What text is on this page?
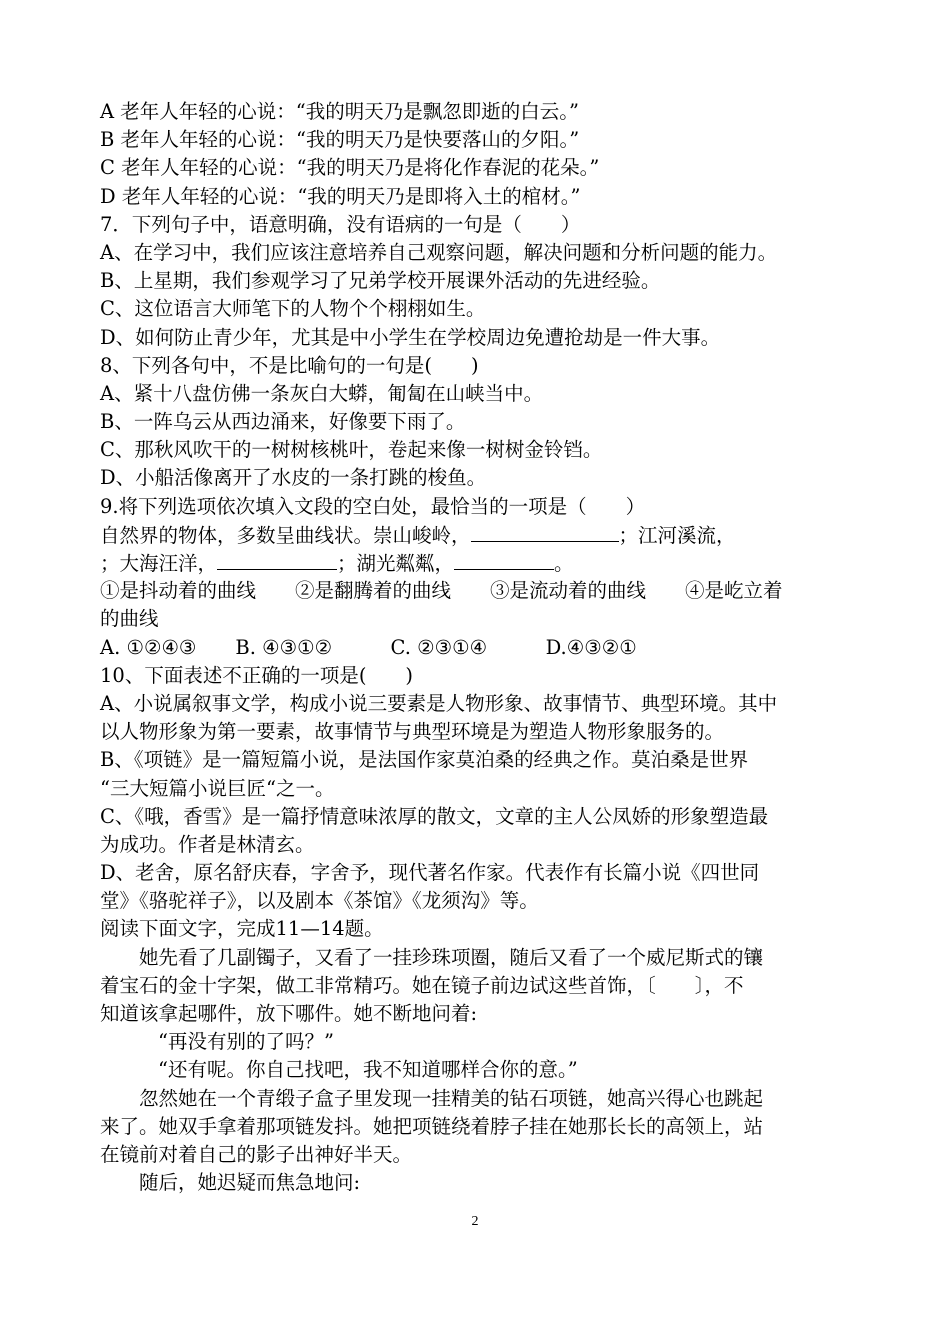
A 老年人年轻的心说：“我的明天乃是飘忽即逝的白云。”
B 老年人年轻的心说：“我的明天乃是快要落山的夕阳。”
C 老年人年轻的心说：“我的明天乃是将化作春泥的花朵。”
D 老年人年轻的心说：“我的明天乃是即将入土的棺材。”
7．下列句子中，语意明确，没有语病的一句是（　　）
A、在学习中，我们应该注意培养自己观察问题，解决问题和分析问题的能力。
B、上星期，我们参观学习了兄弟学校开展课外活动的先进经验。
C、这位语言大师笔下的人物个个栩栩如生。
D、如何防止青少年，尤其是中小学生在学校周边免遭抢劫是一件大事。
8、下列各句中，不是比喻句的一句是(　　)
A、紧十八盘仿佛一条灰白大蟒，匍匐在山峡当中。
B、一阵乌云从西边涌来，好像要下雨了。
C、那秋风吹干的一树树核桃叶，卷起来像一树树金铃铛。
D、小船活像离开了水皮的一条打跳的梭鱼。
9.将下列选项依次填入文段的空白处，最恰当的一项是（　　）
自然界的物体，多数呈曲线状。崇山峻岭，	；江河溪流，
；大海汪洋，	；湖光粼粼，	。
①是抖动着的曲线　　②是翻腾着的曲线　　③是流动着的曲线　　④是屹立着
的曲线
A. ①②④③　　B. ④③①②　　　C. ②③①④　　　D.④③②①
10、下面表述不正确的一项是(　　)
A、小说属叙事文学，构成小说三要素是人物形象、故事情节、典型环境。其中
以人物形象为第一要素，故事情节与典型环境是为塑造人物形象服务的。
B、《项链》是一篇短篇小说，是法国作家莫泊桑的经典之作。莫泊桑是世界
“三大短篇小说巨匠“之一。
C、《哦，香雪》是一篇抒情意味浓厚的散文，文章的主人公凤娇的形象塑造最
为成功。作者是林清玄。
D、老舍，原名舒庆春，字舍予，现代著名作家。代表作有长篇小说《四世同
堂》《骆驼祥子》，以及剧本《茶馆》《龙须沟》等。
阅读下面文字，完成11—14题。
她先看了几副镯子，又看了一挂珍珠项圈，随后又看了一个威尼斯式的镶
着宝石的金十字架，做工非常精巧。她在镜子前边试这些首饰，〔　　〕，不
知道该拿起哪件，放下哪件。她不断地问着:
“再没有别的了吗？”
“还有呢。你自己找吧，我不知道哪样合你的意。”
忽然她在一个青缎子盒子里发现一挂精美的钻石项链，她高兴得心也跳起
来了。她双手拿着那项链发抖。她把项链绕着脖子挂在她那长长的高领上，站
在镜前对着自己的影子出神好半天。
随后，她迟疑而焦急地问:
2
